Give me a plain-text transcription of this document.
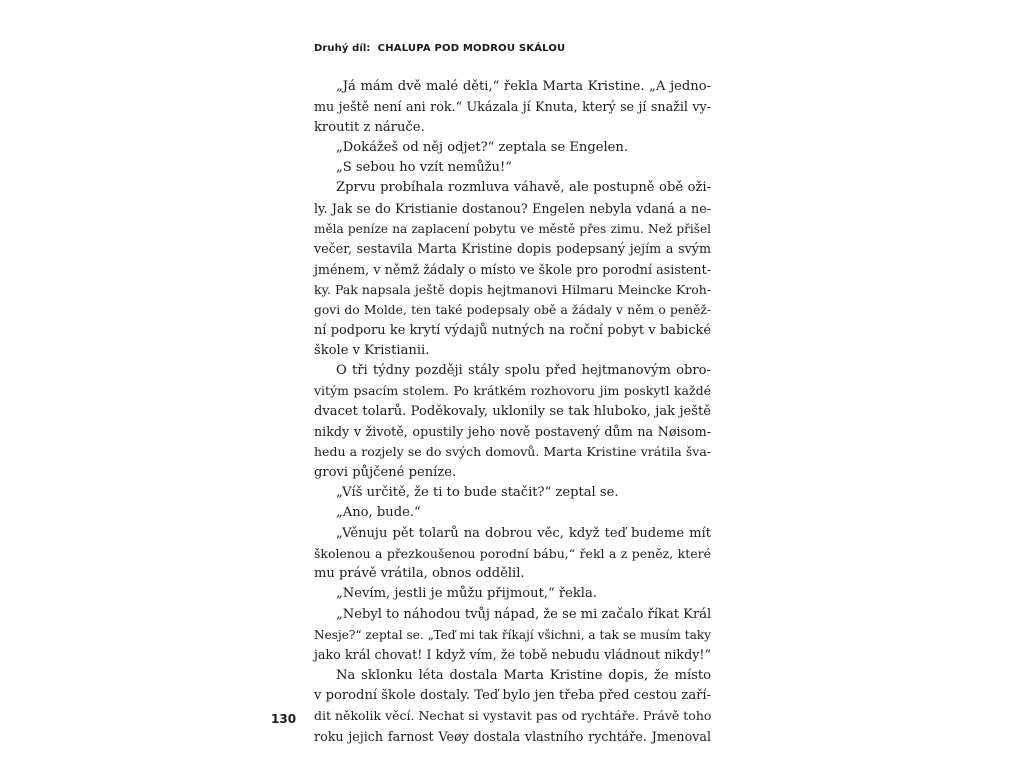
Druhý díl: CHALUPA POD MODROU SKÁLOU
„Já mám dvě malé děti,“ řekla Marta Kristine. „A jedno-
mu ještě není ani rok.“ Ukázala jí Knuta, který se jí snažil vy-
kroutit z náruče.
„Dokážeš od něj odjet?“ zeptala se Engelen.
„S sebou ho vzít nemůžu!“
Zprvu probíhala rozmluva váhavě, ale postupně obě oži-
ly. Jak se do Kristianie dostanou? Engelen nebyla vdaná a ne-
měla peníze na zaplacení pobytu ve městě přes zimu. Než přišel
večer, sestavila Marta Kristine dopis podepsaný jejím a svým
jménem, v němž žádaly o místo ve škole pro porodní asistent-
ky. Pak napsala ještě dopis hejtmanovi Hilmaru Meincke Kroh-
govi do Molde, ten také podepsaly obě a žádaly v něm o peněž-
ní podporu ke krytí výdajů nutných na roční pobyt v babické
škole v Kristianii.
O tři týdny později stály spolu před hejtmanovým obro-
vitým psacím stolem. Po krátkém rozhovoru jim poskytl každé
dvacet tolarů. Poděkovaly, uklonily se tak hluboko, jak ještě
nikdy v životě, opustily jeho nově postavený dům na Nøisom-
hedu a rozjely se do svých domovů. Marta Kristine vrátila šva-
grovi půjčené peníze.
„Víš určitě, že ti to bude stačit?“ zeptal se.
„Ano, bude.“
„Věnuju pět tolarů na dobrou věc, když teď budeme mít
školenou a přezkoušenou porodní bábu,“ řekl a z peněz, které
mu právě vrátila, obnos oddělil.
„Nevím, jestli je můžu přijmout,“ řekla.
„Nebyl to náhodou tvůj nápad, že se mi začalo říkat Král
Nesje?“ zeptal se. „Teď mi tak říkají všichni, a tak se musím taky
jako král chovat! I když vím, že tobě nebudu vládnout nikdy!“
Na sklonku léta dostala Marta Kristine dopis, že místo
v porodní škole dostaly. Teď bylo jen třeba před cestou zaří-
dit několik věcí. Nechat si vystavit pas od rychtáře. Právě toho
roku jejich farnost Veøy dostala vlastního rychtáře. Jmenoval
130
